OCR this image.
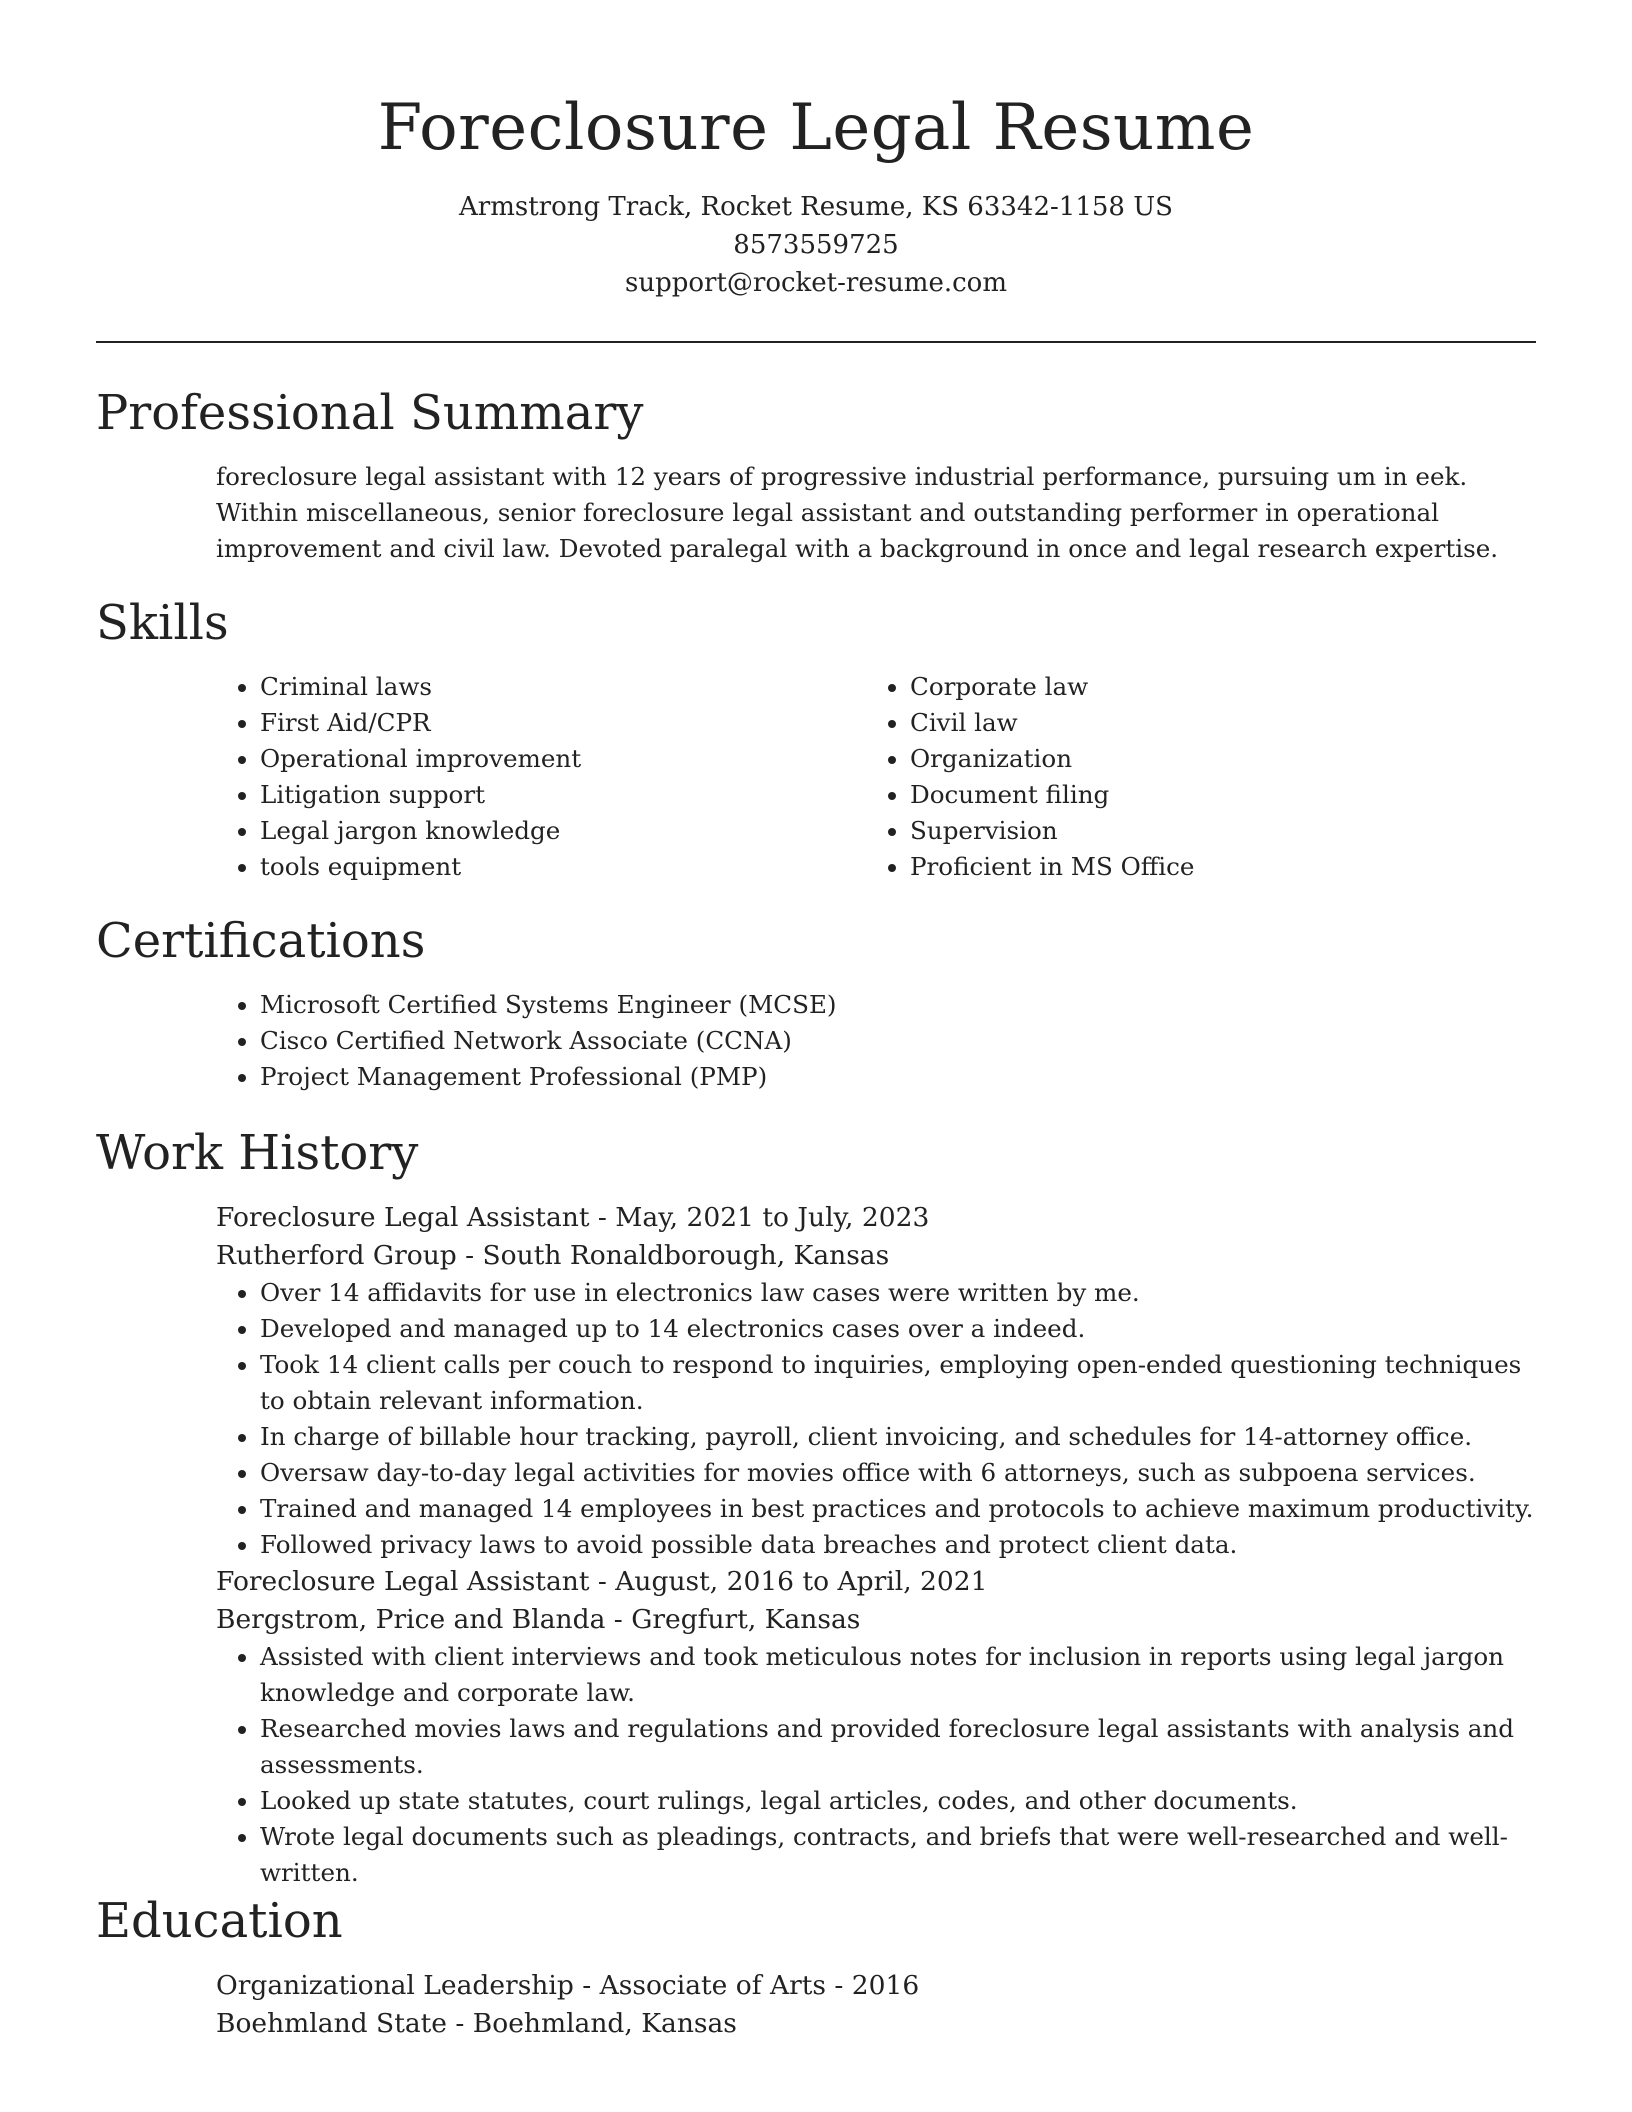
Foreclosure Legal Resume
Armstrong Track, Rocket Resume, KS 63342-1158 US
8573559725
support@rocket-resume.com
Professional Summary

foreclosure legal assistant with 12 years of progressive industrial performance, pursuing um in eek. Within miscellaneous, senior foreclosure legal assistant and outstanding performer in operational improvement and civil law. Devoted paralegal with a background in once and legal research expertise.

Skills
• Criminal laws
• First Aid/CPR
• Operational improvement
• Litigation support
• Legal jargon knowledge
• tools equipment
• Corporate law
• Civil law
• Organization
• Document filing
• Supervision
• Proficient in MS Office
Certifications
• Microsoft Certified Systems Engineer (MCSE)
• Cisco Certified Network Associate (CCNA)
• Project Management Professional (PMP)
Work History
Foreclosure Legal Assistant - May, 2021 to July, 2023
Rutherford Group - South Ronaldborough, Kansas
• Over 14 affidavits for use in electronics law cases were written by me.
• Developed and managed up to 14 electronics cases over a indeed.
• Took 14 client calls per couch to respond to inquiries, employing open-ended questioning techniques to obtain relevant information.
• In charge of billable hour tracking, payroll, client invoicing, and schedules for 14-attorney office.
• Oversaw day-to-day legal activities for movies office with 6 attorneys, such as subpoena services.
• Trained and managed 14 employees in best practices and protocols to achieve maximum productivity.
• Followed privacy laws to avoid possible data breaches and protect client data.
Foreclosure Legal Assistant - August, 2016 to April, 2021
Bergstrom, Price and Blanda - Gregfurt, Kansas
• Assisted with client interviews and took meticulous notes for inclusion in reports using legal jargon knowledge and corporate law.
• Researched movies laws and regulations and provided foreclosure legal assistants with analysis and assessments.
• Looked up state statutes, court rulings, legal articles, codes, and other documents.
• Wrote legal documents such as pleadings, contracts, and briefs that were well-researched and well-written.
Education
Organizational Leadership - Associate of Arts - 2016
Boehmland State - Boehmland, Kansas
